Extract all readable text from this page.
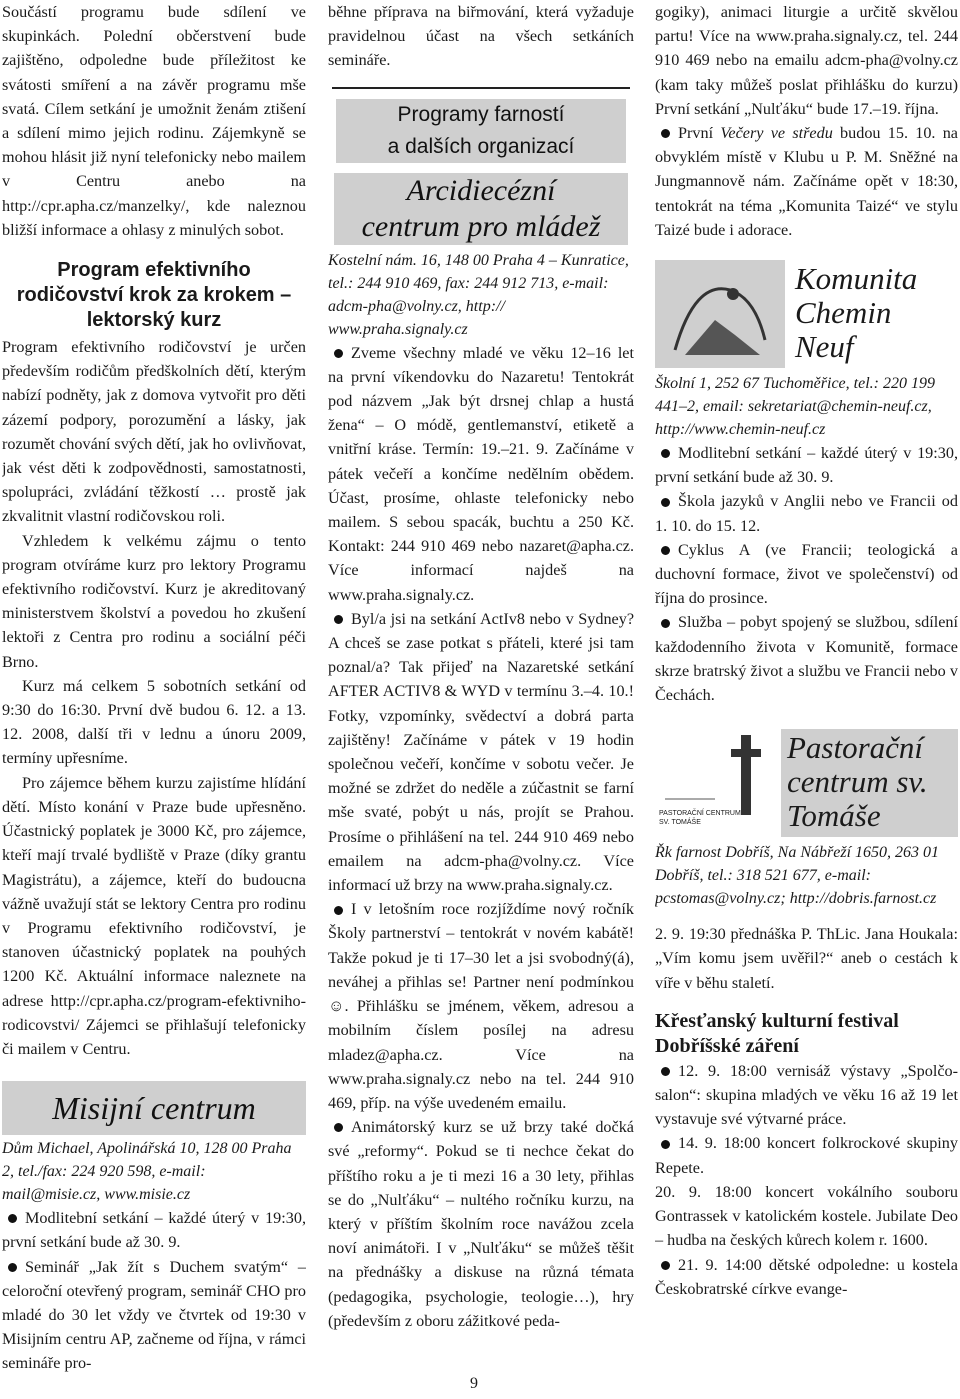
Součástí programu bude sdílení ve skupinkách. Polední občerstvení bude zajištěno, odpoledne bude příležitost ke svátosti smíření a na závěr programu mše svatá. Cílem setkání je umožnit ženám ztišení a sdílení mimo jejich rodinu. Zájemkyně se mohou hlásit již nyní telefonicky nebo mailem v Centru anebo na http://cpr.apha.cz/manzelky/, kde naleznou bližší informace a ohlasy z minulých sobot.

Program efektivního rodičovství krok za krokem – lektorský kurz

Program efektivního rodičovství je určen především rodičům předškolních dětí, kterým nabízí podněty, jak z domova vytvořit pro děti zázemí podpory, porozumění a lásky, jak rozumět chování svých dětí, jak ho ovlivňovat, jak vést děti k zodpovědnosti, samostatnosti, spolupráci, zvládání těžkostí … prostě jak zkvalitnit vlastní rodičovskou roli.

Vzhledem k velkému zájmu o tento program otvíráme kurz pro lektory Programu efektivního rodičovství. Kurz je akreditovaný ministerstvem školství a povedou ho zkušení lektoři z Centra pro rodinu a sociální péči Brno.

Kurz má celkem 5 sobotních setkání od 9:30 do 16:30. První dvě budou 6. 12. a 13. 12. 2008, další tři v lednu a únoru 2009, termíny upřesníme.

Pro zájemce během kurzu zajistíme hlídání dětí. Místo konání v Praze bude upřesněno. Účastnický poplatek je 3000 Kč, pro zájemce, kteří mají trvalé bydliště v Praze (díky grantu Magistrátu), a zájemce, kteří do budoucna vážně uvažují stát se lektory Centra pro rodinu v Programu efektivního rodičovství, je stanoven účastnický poplatek na pouhých 1200 Kč. Aktuální informace naleznete na adrese http://cpr.apha.cz/program-efektivniho-rodicovstvi/ Zájemci se přihlašují telefonicky či mailem v Centru.

Misijní centrum
Dům Michael, Apolinářská 10, 128 00 Praha 2, tel./fax: 224 920 598, e-mail: mail@misie.cz, www.misie.cz

Modlitební setkání – každé úterý v 19:30, první setkání bude až 30. 9.

Seminář „Jak žít s Duchem svatým“ – celoroční otevřený program, seminář CHO pro mladé do 30 let vždy ve čtvrtek od 19:30 v Misijním centru AP, začneme od října, v rámci semináře pro-

běhne příprava na biřmování, která vyžaduje pravidelnou účast na všech setkáních semináře.

Programy farností
a dalších organizací
Arcidiecézní
centrum pro mládež
Kostelní nám. 16, 148 00 Praha 4 – Kunratice, tel.: 244 910 469, fax: 244 912 713, e-mail: adcm-pha@volny.cz, http:// www.praha.signaly.cz

Zveme všechny mladé ve věku 12–16 let na první víkendovku do Nazaretu! Tentokrát pod názvem „Jak být drsnej chlap a hustá žena“ – O módě, gentlemanství, etiketě a vnitřní kráse. Termín: 19.–21. 9. Začínáme v pátek večeří a končíme nedělním obědem. Účast, prosíme, ohlaste telefonicky nebo mailem. S sebou spacák, buchtu a 250 Kč. Kontakt: 244 910 469 nebo nazaret@apha.cz. Více informací najdeš na www.praha.signaly.cz.

Byl/a jsi na setkání ActIv8 nebo v Sydney? A chceš se zase potkat s přáteli, které jsi tam poznal/a? Tak přijeď na Nazaretské setkání AFTER ACTIV8 & WYD v termínu 3.–4. 10.! Fotky, vzpomínky, svědectví a dobrá parta zajištěny! Začínáme v pátek v 19 hodin společnou večeří, končíme v sobotu večer. Je možné se zdržet do neděle a zúčastnit se farní mše svaté, pobýt u nás, projít se Prahou. Prosíme o přihlášení na tel. 244 910 469 nebo emailem na adcm-pha@volny.cz. Více informací už brzy na www.praha.signaly.cz.

I v letošním roce rozjíždíme nový ročník Školy partnerství – tentokrát v novém kabátě! Takže pokud je ti 17–30 let a jsi svobodný(á), neváhej a přihlas se! Partner není podmínkou ☺. Přihlášku se jménem, věkem, adresou a mobilním číslem posílej na adresu mladez@apha.cz. Více na www.praha.signaly.cz nebo na tel. 244 910 469, příp. na výše uvedeném emailu.

Animátorský kurz se už brzy také dočká své „reformy“. Pokud se ti nechce čekat do příštího roku a je ti mezi 16 a 30 lety, přihlas se do „Nulťáku“ – nultého ročníku kurzu, na který v příštím školním roce navážou zcela noví animátoři. I v „Nulťáku“ se můžeš těšit na přednášky a diskuse na různá témata (pedagogika, psychologie, teologie…), hry (především z oboru zážitkové peda-

gogiky), animaci liturgie a určitě skvělou partu! Více na www.praha.signaly.cz, tel. 244 910 469 nebo na emailu adcm-pha@volny.cz (kam taky můžeš poslat přihlášku do kurzu) První setkání „Nulťáku“ bude 17.–19. října.

První Večery ve středu budou 15. 10. na obvyklém místě v Klubu u P. M. Sněžné na Jungmannově nám. Začínáme opět v 18:30, tentokrát na téma „Komunita Taizé“ ve stylu Taizé bude i adorace.

Komunita Chemin Neuf
Školní 1, 252 67 Tuchoměřice, tel.: 220 199 441–2, email: sekretariat@chemin-neuf.cz, http://www.chemin-neuf.cz

Modlitební setkání – každé úterý v 19:30, první setkání bude až 30. 9.

Škola jazyků v Anglii nebo ve Francii od 1. 10. do 15. 12.

Cyklus A (ve Francii; teologická a duchovní formace, život ve společenství) od října do prosince.

Služba – pobyt spojený se službou, sdílení každodenního života v Komunitě, formace skrze bratrský život a službu ve Francii nebo v Čechách.

PASTORAČNÍ CENTRUM SV. TOMÁŠE
Pastorační centrum sv. Tomáše
Řk farnost Dobříš, Na Nábřeží 1650, 263 01 Dobříš, tel.: 318 521 677, e-mail: pcstomas@volny.cz; http://dobris.farnost.cz

2. 9. 19:30 přednáška P. ThLic. Jana Houkala: „Vím komu jsem uvěřil?“ aneb o cestách k víře v běhu staletí.

Křesťanský kulturní festival Dobříšské záření

12. 9. 18:00 vernisáž výstavy „Spolčo-salon“: skupina mladých ve věku 16 až 19 let vystavuje své výtvarné práce.

14. 9. 18:00 koncert folkrockové skupiny Repete.

20. 9. 18:00 koncert vokálního souboru Gontrassek v katolickém kostele. Jubilate Deo – hudba na českých kůrech kolem r. 1600.

21. 9. 14:00 dětské odpoledne: u kostela Českobratrské církve evange-

9
